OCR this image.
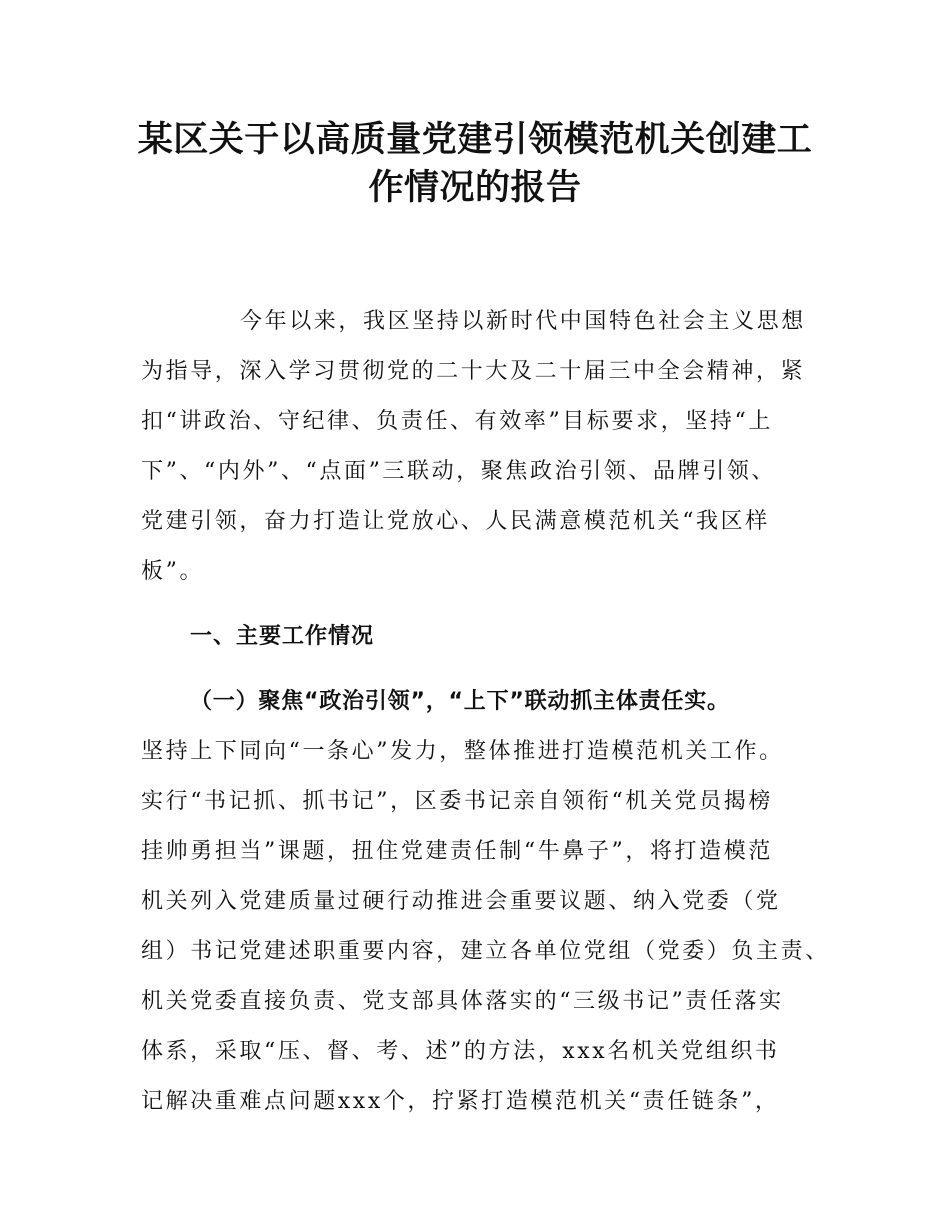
某区关于以高质量党建引领模范机关创建工
作情况的报告

今年以来，我区坚持以新时代中国特色社会主义思想

为指导，深入学习贯彻党的二十大及二十届三中全会精神，紧

扣“讲政治、守纪律、负责任、有效率”目标要求，坚持“上

下”、“内外”、“点面”三联动，聚焦政治引领、品牌引领、

党建引领，奋力打造让党放心、人民满意模范机关“我区样

板”。

一、主要工作情况
（一）聚焦“政治引领”，“上下”联动抓主体责任实。

坚持上下同向“一条心”发力，整体推进打造模范机关工作。

实行“书记抓、抓书记”，区委书记亲自领衔“机关党员揭榜

挂帅勇担当”课题，扭住党建责任制“牛鼻子”，将打造模范

机关列入党建质量过硬行动推进会重要议题、纳入党委（党

组）书记党建述职重要内容，建立各单位党组（党委）负主责、

机关党委直接负责、党支部具体落实的“三级书记”责任落实

体系，采取“压、督、考、述”的方法，xxx名机关党组织书

记解决重难点问题xxx个，拧紧打造模范机关“责任链条”，
